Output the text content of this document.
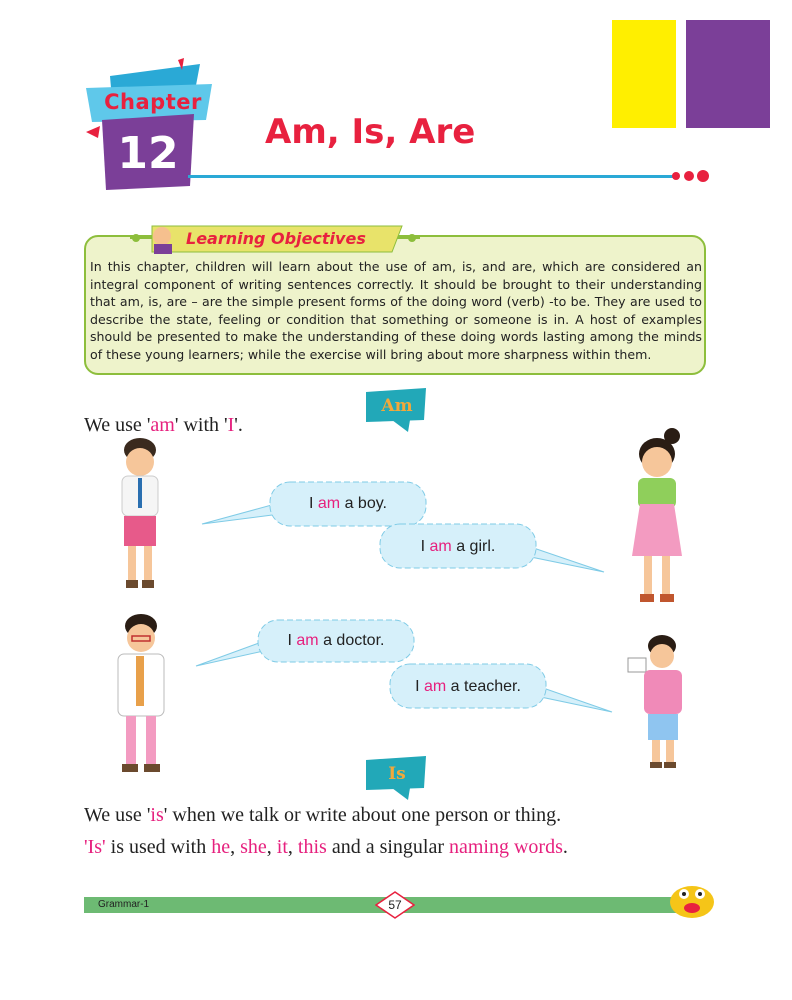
Chapter
12	Am, Is, Are
Learning Objectives
In this chapter, children will learn about the use of am, is, and are, which are considered an integral component of writing sentences correctly. It should be brought to their understanding that am, is, are – are the simple present forms of the doing word (verb) -to be. They are used to describe the state, feeling or condition that something or someone is in. A host of examples should be presented to make the understanding of these doing words lasting among the minds of these young learners; while the exercise will bring about more sharpness within them.
Am
We use 'am' with 'I'.
I am a boy.
I am a girl.
I am a doctor.
I am a teacher.
Is
We use 'is' when we talk or write about one person or thing.
'Is' is used with he, she, it, this and a singular naming words.
Grammar-1	57
